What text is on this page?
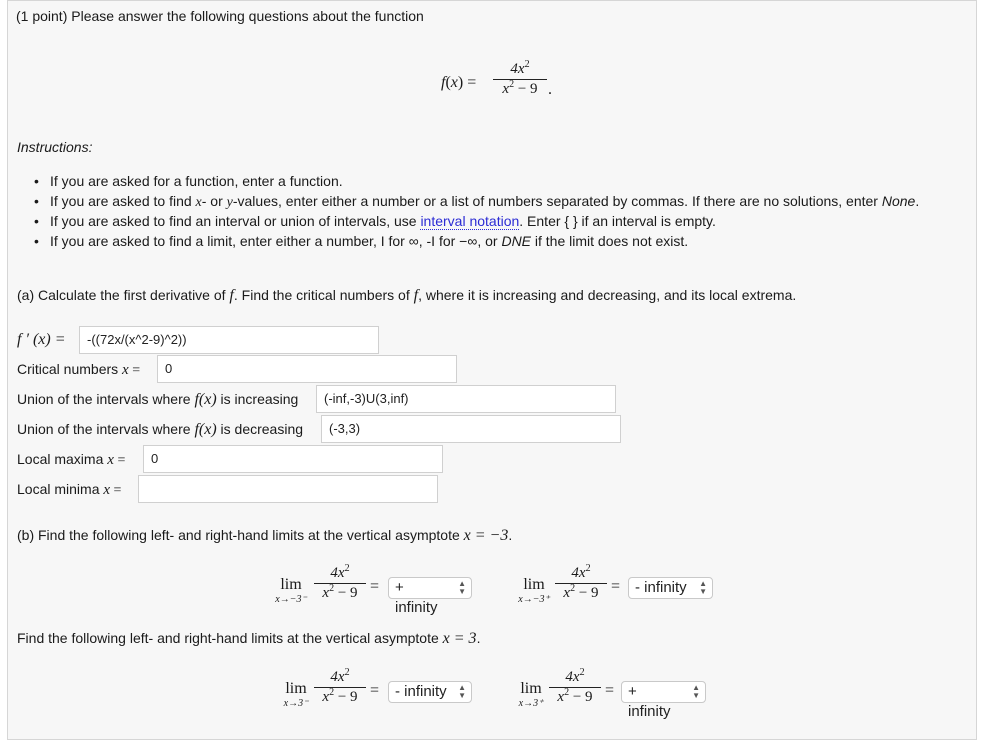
(1 point) Please answer the following questions about the function
f(x) =
$4x^2$
$x^2 - 9$ .
Instructions:
• If you are asked for a function, enter a function.
• If you are asked to find x- or y-values, enter either a number or a list of numbers separated by commas. If there are no solutions, enter None.
• If you are asked to find an interval or union of intervals, use interval notation. Enter { } if an interval is empty.
• If you are asked to find a limit, enter either a number, I for ∞, -I for −∞, or DNE if the limit does not exist.
(a) Calculate the first derivative of f. Find the critical numbers of f, where it is increasing and decreasing, and its local extrema.
f ′ (x) =	-((72x/(x^2-9)^2))
Critical numbers x =	0
Union of the intervals where f(x) is increasing	(-inf,-3)U(3,inf)
Union of the intervals where f(x) is decreasing	(-3,3)
Local maxima x =	0
Local minima x =
(b) Find the following left- and right-hand limits at the vertical asymptote x = −3.
lim
x→−3⁻
$4x^2$
$x^2 - 9$ =	+ infinity
▲
▼	lim
x→−3⁺
$4x^2$
$x^2 - 9$ = - infinity ▲
▼
Find the following left- and right-hand limits at the vertical asymptote x = 3.
lim
x→3⁻
$4x^2$
$x^2 - 9$ =	- infinity ▲
▼	lim
x→3⁺
$4x^2$
$x^2 - 9$ = + infinity
▲
▼
